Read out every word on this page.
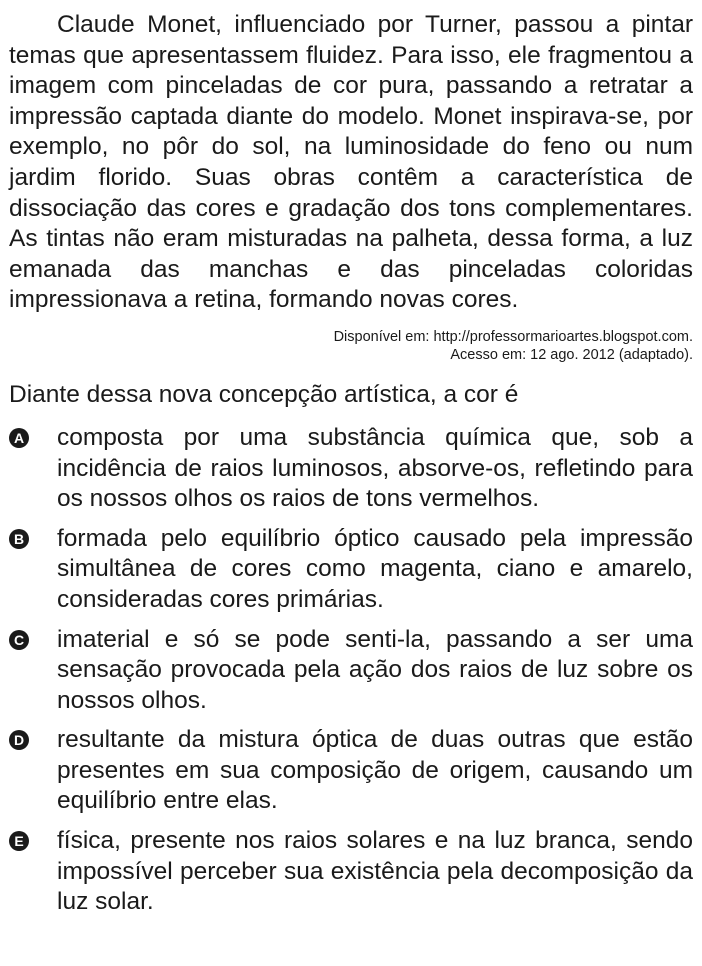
Claude Monet, influenciado por Turner, passou a pintar temas que apresentassem fluidez. Para isso, ele fragmentou a imagem com pinceladas de cor pura, passando a retratar a impressão captada diante do modelo. Monet inspirava-se, por exemplo, no pôr do sol, na luminosidade do feno ou num jardim florido. Suas obras contêm a característica de dissociação das cores e gradação dos tons complementares. As tintas não eram misturadas na palheta, dessa forma, a luz emanada das manchas e das pinceladas coloridas impressionava a retina, formando novas cores.

Disponível em: http://professormarioartes.blogspot.com.
Acesso em: 12 ago. 2012 (adaptado).
Diante dessa nova concepção artística, a cor é
A composta por uma substância química que, sob a incidência de raios luminosos, absorve-os, refletindo para os nossos olhos os raios de tons vermelhos.
B formada pelo equilíbrio óptico causado pela impressão simultânea de cores como magenta, ciano e amarelo, consideradas cores primárias.
C imaterial e só se pode senti-la, passando a ser uma sensação provocada pela ação dos raios de luz sobre os nossos olhos.
D resultante da mistura óptica de duas outras que estão presentes em sua composição de origem, causando um equilíbrio entre elas.
E física, presente nos raios solares e na luz branca, sendo impossível perceber sua existência pela decomposição da luz solar.
